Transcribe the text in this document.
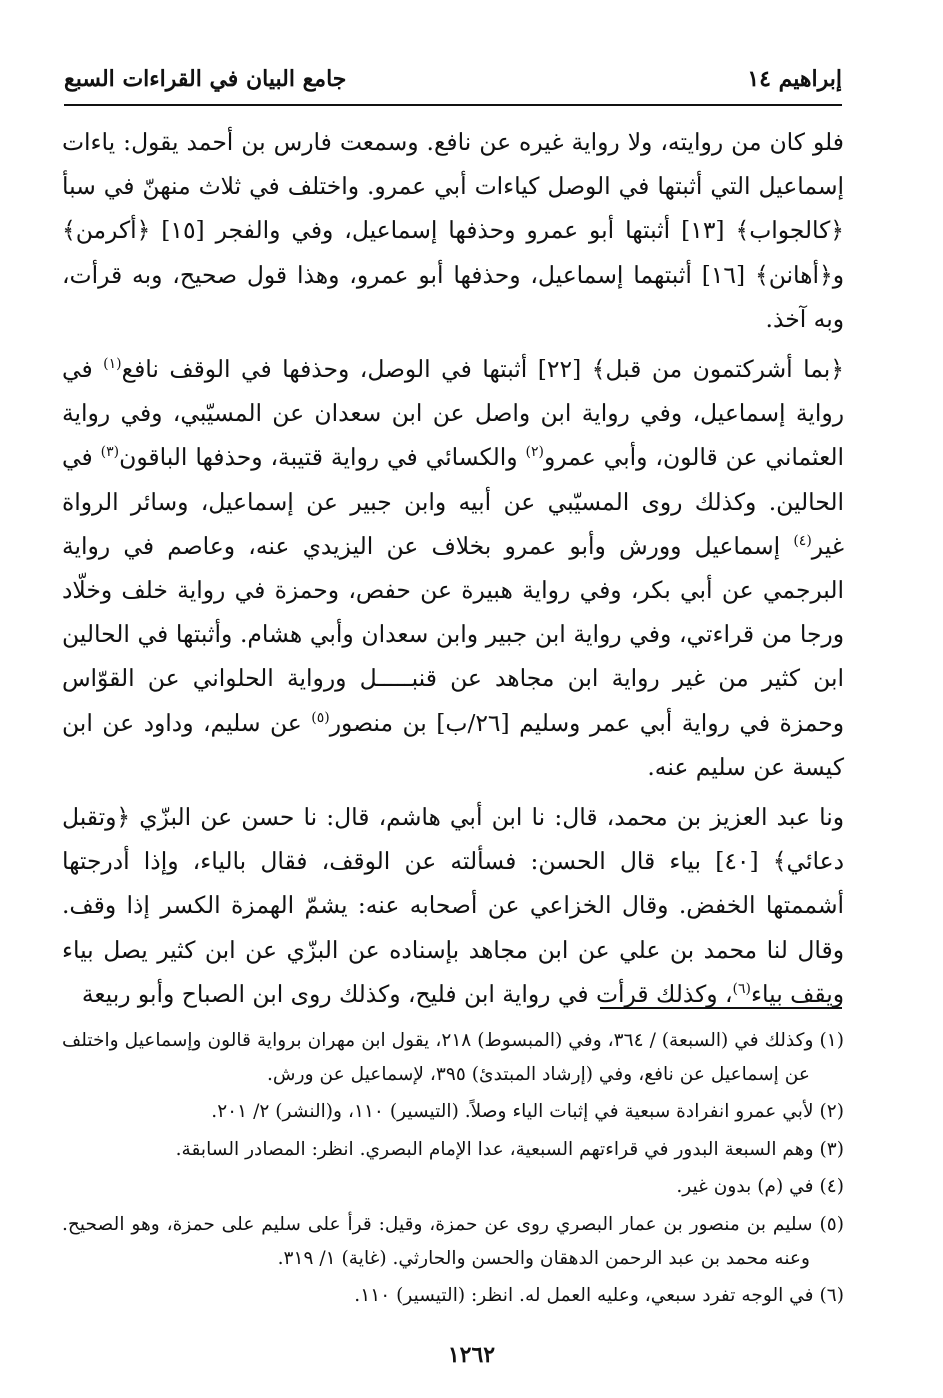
إبراهيم ١٤
جامع البيان في القراءات السبع

فلو كان من روايته، ولا رواية غيره عن نافع. وسمعت فارس بن أحمد يقول: ياءات إسماعيل التي أثبتها في الوصل كياءات أبي عمرو. واختلف في ثلاث منهنّ في سبأ ﴿كالجواب﴾ [١٣] أثبتها أبو عمرو وحذفها إسماعيل، وفي والفجر [١٥] ﴿أكرمن﴾ و﴿أهانن﴾ [١٦] أثبتهما إسماعيل، وحذفها أبو عمرو، وهذا قول صحيح، وبه قرأت، وبه آخذ.

﴿بما أشركتمون من قبل﴾ [٢٢] أثبتها في الوصل، وحذفها في الوقف نافع$^{(١)}$ في رواية إسماعيل، وفي رواية ابن واصل عن ابن سعدان عن المسيّبي، وفي رواية العثماني عن قالون، وأبي عمرو$^{(٢)}$ والكسائي في رواية قتيبة، وحذفها الباقون$^{(٣)}$ في الحالين. وكذلك روى المسيّبي عن أبيه وابن جبير عن إسماعيل، وسائر الرواة غير$^{(٤)}$ إسماعيل وورش وأبو عمرو بخلاف عن اليزيدي عنه، وعاصم في رواية البرجمي عن أبي بكر، وفي رواية هبيرة عن حفص، وحمزة في رواية خلف وخلّاد ورجا من قراءتي، وفي رواية ابن جبير وابن سعدان وأبي هشام. وأثبتها في الحالين ابن كثير من غير رواية ابن مجاهد عن قنبـــــل ورواية الحلواني عن القوّاس وحمزة في رواية أبي عمر وسليم [٢٦/ب] بن منصور$^{(٥)}$ عن سليم، وداود عن ابن كيسة عن سليم عنه.

ونا عبد العزيز بن محمد، قال: نا ابن أبي هاشم، قال: نا حسن عن البزّي ﴿وتقبل دعائي﴾ [٤٠] بياء قال الحسن: فسألته عن الوقف، فقال بالياء، وإذا أدرجتها أشممتها الخفض. وقال الخزاعي عن أصحابه عنه: يشمّ الهمزة الكسر إذا وقف. وقال لنا محمد بن علي عن ابن مجاهد بإسناده عن البزّي عن ابن كثير يصل بياء ويقف بياء$^{(٦)}$، وكذلك قرأت في رواية ابن فليح، وكذلك روى ابن الصباح وأبو ربيعة

(١) وكذلك في (السبعة) / ٣٦٤، وفي (المبسوط) ٢١٨، يقول ابن مهران برواية قالون وإسماعيل واختلف عن إسماعيل عن نافع، وفي (إرشاد المبتدئ) ٣٩٥، لإسماعيل عن ورش.

(٢) لأبي عمرو انفرادة سبعية في إثبات الياء وصلاً. (التيسير) ١١٠، و(النشر) ٢/ ٢٠١.

(٣) وهم السبعة البدور في قراءتهم السبعية، عدا الإمام البصري. انظر: المصادر السابقة.

(٤) في (م) بدون غير.

(٥) سليم بن منصور بن عمار البصري روى عن حمزة، وقيل: قرأ على سليم على حمزة، وهو الصحيح. وعنه محمد بن عبد الرحمن الدهقان والحسن والحارثي. (غاية) ١/ ٣١٩.

(٦) في الوجه تفرد سبعي، وعليه العمل له. انظر: (التيسير) ١١٠.

١٢٦٢
